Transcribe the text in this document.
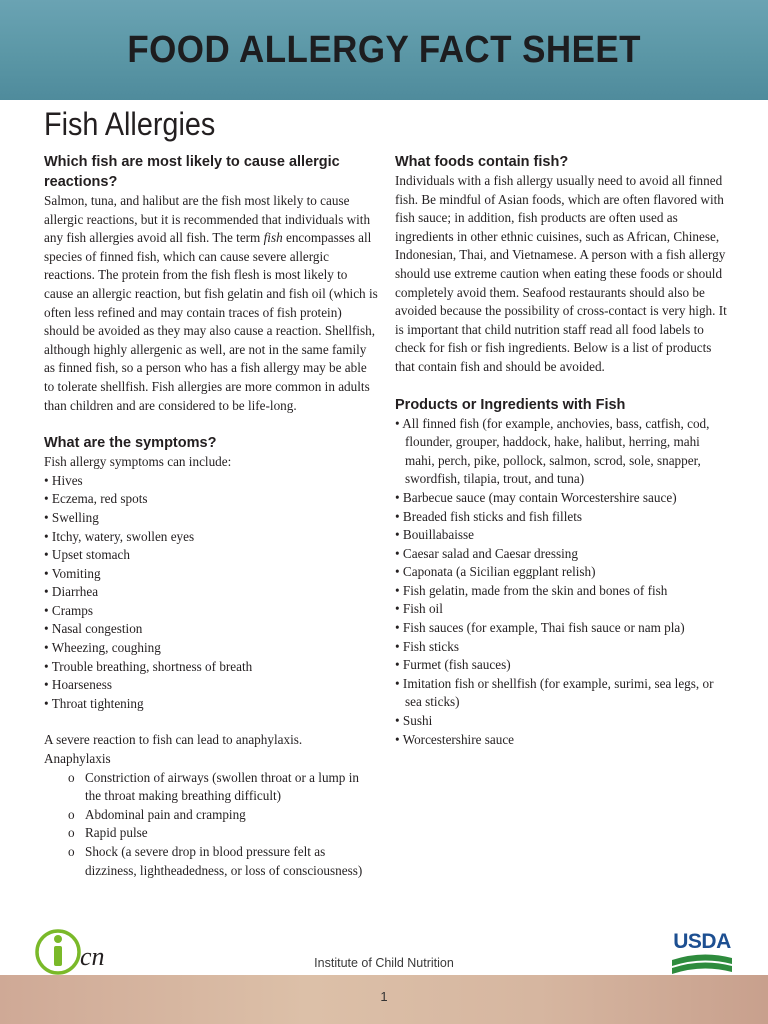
FOOD ALLERGY FACT SHEET
Fish Allergies
Which fish are most likely to cause allergic reactions?

Salmon, tuna, and halibut are the fish most likely to cause allergic reactions, but it is recommended that individuals with any fish allergies avoid all fish. The term fish encompasses all species of finned fish, which can cause severe allergic reactions. The protein from the fish flesh is most likely to cause an allergic reaction, but fish gelatin and fish oil (which is often less refined and may contain traces of fish protein) should be avoided as they may also cause a reaction. Shellfish, although highly allergenic as well, are not in the same family as finned fish, so a person who has a fish allergy may be able to tolerate shellfish. Fish allergies are more common in adults than children and are considered to be life-long.

What are the symptoms?

Fish allergy symptoms can include:

• Hives
• Eczema, red spots
• Swelling
• Itchy, watery, swollen eyes
• Upset stomach
• Vomiting
• Diarrhea
• Cramps
• Nasal congestion
• Wheezing, coughing
• Trouble breathing, shortness of breath
• Hoarseness
• Throat tightening

A severe reaction to fish can lead to anaphylaxis.

Anaphylaxis

o Constriction of airways (swollen throat or a lump in the throat making breathing difficult)
o Abdominal pain and cramping
o Rapid pulse
o Shock (a severe drop in blood pressure felt as dizziness, lightheadedness, or loss of consciousness)
What foods contain fish?

Individuals with a fish allergy usually need to avoid all finned fish. Be mindful of Asian foods, which are often flavored with fish sauce; in addition, fish products are often used as ingredients in other ethnic cuisines, such as African, Chinese, Indonesian, Thai, and Vietnamese. A person with a fish allergy should use extreme caution when eating these foods or should completely avoid them. Seafood restaurants should also be avoided because the possibility of cross-contact is very high. It is important that child nutrition staff read all food labels to check for fish or fish ingredients. Below is a list of products that contain fish and should be avoided.

Products or Ingredients with Fish
• All finned fish (for example, anchovies, bass, catfish, cod, flounder, grouper, haddock, hake, halibut, herring, mahi mahi, perch, pike, pollock, salmon, scrod, sole, snapper, swordfish, tilapia, trout, and tuna)
• Barbecue sauce (may contain Worcestershire sauce)
• Breaded fish sticks and fish fillets
• Bouillabaisse
• Caesar salad and Caesar dressing
• Caponata (a Sicilian eggplant relish)
• Fish gelatin, made from the skin and bones of fish
• Fish oil
• Fish sauces (for example, Thai fish sauce or nam pla)
• Fish sticks
• Furmet (fish sauces)
• Imitation fish or shellfish (for example, surimi, sea legs, or sea sticks)
• Sushi
• Worcestershire sauce
cn	Institute of Child Nutrition
USDA
1
